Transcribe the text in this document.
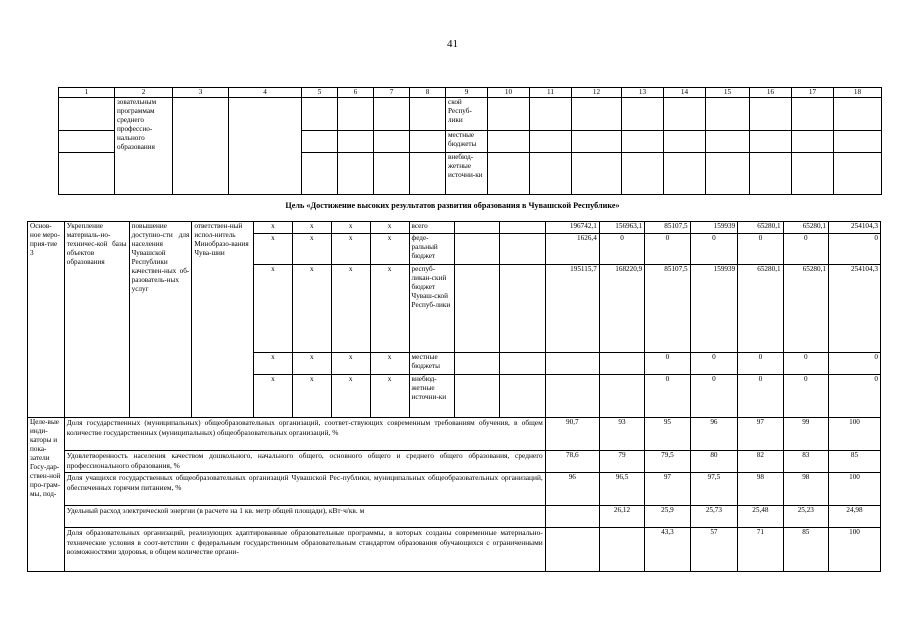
41
1	2	3	4	5	6	7	8	9	10	11	12	13	14	15	16	17	18
	зовательным программам среднего профессио-нального образования							ской Респуб-лики									
								местные бюджеты									
								внебюд-жетные источни-ки									
Цель «Достижение высоких результатов развития образования в Чувашской Республике»
Основ-ное меро-прия-тие 3	Укрепление материаль-но-техничес-кой базы объектов образования	повышение доступно-сти для населения Чувашской Республики качествен-ных об-разователь-ных услуг	ответствен-ный испол-нитель Минобразо-вания Чува-шии	x	x	x	x	всего			196742,1	156963,1	85107,5	159939	65280,1	65280,1	254104,3
				x	x	x	x	феде-ральный бюджет			1626,4	0	0	0	0	0	0
				x	x	x	x	респуб-ликан-ский бюджет Чуваш-ской Респуб-лики			195115,7	168220,9	85107,5	159939	65280,1	65280,1	254104,3
				x	x	x	x	местные бюджеты					0	0	0	0	0
				x	x	x	x	внебюд-жетные источни-ки					0	0	0	0	0
Целе-вые инди-каторы и пока-затели Госу-дар-ствен-ной про-грам-мы, под-	Доля государственных (муниципальных) общеобразовательных организаций, соответ-ствующих современным требованиям обучения, в общем количестве государственных (муниципальных) общеобразовательных организаций, %										90,7	93	95	96	97	99	100
	Удовлетворенность населения качеством дошкольного, начального общего, основного общего и среднего общего образования, среднего профессионального образования, %										78,6	79	79,5	80	82	83	85
	Доля учащихся государственных общеобразовательных организаций Чувашской Рес-публики, муниципальных общеобразовательных организаций, обеспеченных горячим питанием, %										96	96,5	97	97,5	98	98	100
	Удельный расход электрической энергии (в расчете на 1 кв. метр общей площади), кВт·ч/кв. м											26,12	25,9	25,73	25,48	25,23	24,98
	Доля образовательных организаций, реализующих адаптированные образовательные программы, в которых созданы современные материально-технические условия в соот-ветствии с федеральным государственным образовательным стандартом образования обучающихся с ограниченными возможностями здоровья, в общем количестве органи-												43,3	57	71	85	100
